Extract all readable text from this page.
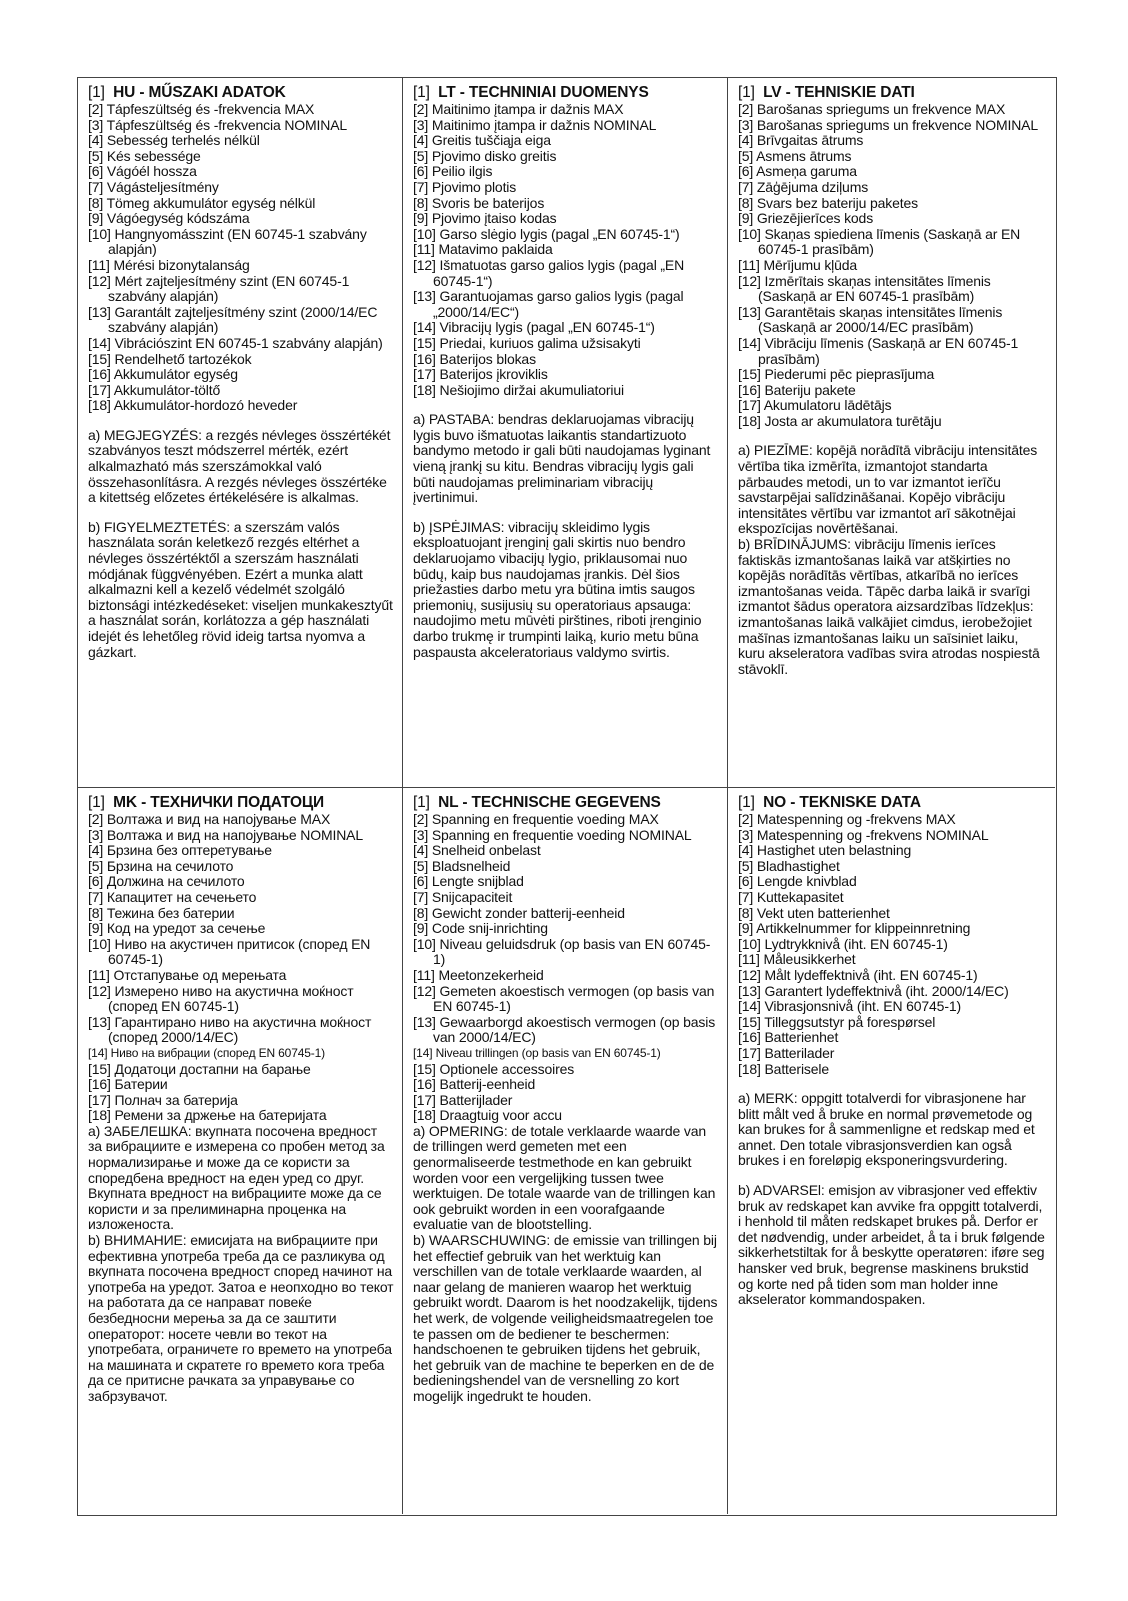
[1] HU - MŰSZAKI ADATOK
[2] Tápfeszültség és -frekvencia MAX
[3] Tápfeszültség és -frekvencia NOMINAL
[4] Sebesség terhelés nélkül
[5] Kés sebessége
[6] Vágóél hossza
[7] Vágásteljesítmény
[8] Tömeg akkumulátor egység nélkül
[9] Vágóegység kódszáma
[10] Hangnyomásszint (EN 60745-1 szabvány alapján)
[11] Mérési bizonytalanság
[12] Mért zajteljesítmény szint (EN 60745-1 szabvány alapján)
[13] Garantált zajteljesítmény szint (2000/14/EC szabvány alapján)
[14] Vibrációszint EN 60745-1 szabvány alapján)
[15] Rendelhető tartozékok
[16] Akkumulátor egység
[17] Akkumulátor-töltő
[18] Akkumulátor-hordozó heveder

a) MEGJEGYZÉS: a rezgés névleges összértékét szabványos teszt módszerrel mérték, ezért alkalmazható más szerszámokkal való összehasonlításra. A rezgés névleges összértéke a kitettség előzetes értékelésére is alkalmas.

b) FIGYELMEZTETÉS: a szerszám valós használata során keletkező rezgés eltérhet a névleges összértéktől a szerszám használati módjának függvényében. Ezért a munka alatt alkalmazni kell a kezelő védelmét szolgáló biztonsági intézkedéseket: viseljen munkakesztyűt a használat során, korlátozza a gép használati idejét és lehetőleg rövid ideig tartsa nyomva a gázkart.

[1] LT - TECHNINIAI DUOMENYS
[2] Maitinimo įtampa ir dažnis MAX
[3] Maitinimo įtampa ir dažnis NOMINAL
[4] Greitis tuščiąja eiga
[5] Pjovimo disko greitis
[6] Peilio ilgis
[7] Pjovimo plotis
[8] Svoris be baterijos
[9] Pjovimo įtaiso kodas
[10] Garso slėgio lygis (pagal „EN 60745-1“)
[11] Matavimo paklaida
[12] Išmatuotas garso galios lygis (pagal „EN 60745-1“)
[13] Garantuojamas garso galios lygis (pagal „2000/14/EC“)
[14] Vibracijų lygis (pagal „EN 60745-1“)
[15] Priedai, kuriuos galima užsisakyti
[16] Baterijos blokas
[17] Baterijos įkroviklis
[18] Nešiojimo diržai akumuliatoriui

a) PASTABA: bendras deklaruojamas vibracijų lygis buvo išmatuotas laikantis standartizuoto bandymo metodo ir gali būti naudojamas lyginant vieną įrankį su kitu. Bendras vibracijų lygis gali būti naudojamas preliminariam vibracijų įvertinimui.

b) ĮSPĖJIMAS: vibracijų skleidimo lygis eksploatuojant įrenginį gali skirtis nuo bendro deklaruojamo vibacijų lygio, priklausomai nuo būdų, kaip bus naudojamas įrankis. Dėl šios priežasties darbo metu yra būtina imtis saugos priemonių, susijusių su operatoriaus apsauga: naudojimo metu mūvėti pirštines, riboti įrenginio darbo trukmę ir trumpinti laiką, kurio metu būna paspausta akceleratoriaus valdymo svirtis.

[1] LV - TEHNISKIE DATI
[2] Barošanas spriegums un frekvence MAX
[3] Barošanas spriegums un frekvence NOMINAL
[4] Brīvgaitas ātrums
[5] Asmens ātrums
[6] Asmeņa garuma
[7] Zāģējuma dziļums
[8] Svars bez bateriju paketes
[9] Griezējierīces kods
[10] Skaņas spiediena līmenis (Saskaņā ar EN 60745-1 prasībām)
[11] Mērījumu kļūda
[12] Izmērītais skaņas intensitātes līmenis (Saskaņā ar EN 60745-1 prasībām)
[13] Garantētais skaņas intensitātes līmenis (Saskaņā ar 2000/14/EC prasībām)
[14] Vibrāciju līmenis (Saskaņā ar EN 60745-1 prasībām)
[15] Piederumi pēc pieprasījuma
[16] Bateriju pakete
[17] Akumulatoru lādētājs
[18] Josta ar akumulatora turētāju

a) PIEZĪME: kopējā norādītā vibrāciju intensitātes vērtība tika izmērīta, izmantojot standarta pārbaudes metodi, un to var izmantot ierīču savstarpējai salīdzināšanai. Kopējo vibrāciju intensitātes vērtību var izmantot arī sākotnējai ekspozīcijas novērtēšanai.

b) BRĪDINĀJUMS: vibrāciju līmenis ierīces faktiskās izmantošanas laikā var atšķirties no kopējās norādītās vērtības, atkarībā no ierīces izmantošanas veida. Tāpēc darba laikā ir svarīgi izmantot šādus operatora aizsardzības līdzekļus: izmantošanas laikā valkājiet cimdus, ierobežojiet mašīnas izmantošanas laiku un saīsiniet laiku, kuru akseleratora vadības svira atrodas nospiestā stāvoklī.

[1] MK - ТЕХНИЧКИ ПОДАТОЦИ
[2] Волтажа и вид на напојување MAX
[3] Волтажа и вид на напојување NOMINAL
[4] Брзина без оптеретување
[5] Брзина на сечилото
[6] Должина на сечилото
[7] Капацитет на сечењето
[8] Тежина без батерии
[9] Код на уредот за сечење
[10] Ниво на акустичен притисок (според EN 60745-1)
[11] Отстапување од мерењата
[12] Измерено ниво на акустична моќност (според EN 60745-1)
[13] Гарантирано ниво на акустична моќност (според 2000/14/EC)
[14] Ниво на вибрации (според EN 60745-1)
[15] Додатоци достапни на барање
[16] Батерии
[17] Полнач за батерија
[18] Ремени за држење на батеријата

а) ЗАБЕЛЕШКА: вкупната посочена вредност за вибрациите е измерена со пробен метод за нормализирање и може да се користи за споредбена вредност на еден уред со друг. Вкупната вредност на вибрациите може да се користи и за прелиминарна проценка на изложеноста.

b) ВНИМАНИЕ: емисијата на вибрациите при ефективна употреба треба да се разликува од вкупната посочена вредност според начинот на употреба на уредот. Затоа е неопходно во текот на работата да се направат повеќе безбедносни мерења за да се заштити операторот: носете чевли во текот на употребата, ограничете го времето на употреба на машината и скратете го времето кога треба да се притисне рачката за управување со забрзувачот.

[1] NL - TECHNISCHE GEGEVENS
[2] Spanning en frequentie voeding MAX
[3] Spanning en frequentie voeding NOMINAL
[4] Snelheid onbelast
[5] Bladsnelheid
[6] Lengte snijblad
[7] Snijcapaciteit
[8] Gewicht zonder batterij-eenheid
[9] Code snij-inrichting
[10] Niveau geluidsdruk (op basis van EN 60745-1)
[11] Meetonzekerheid
[12] Gemeten akoestisch vermogen (op basis van EN 60745-1)
[13] Gewaarborgd akoestisch vermogen (op basis van 2000/14/EC)
[14] Niveau trillingen (op basis van EN 60745-1)
[15] Optionele accessoires
[16] Batterij-eenheid
[17] Batterijlader
[18] Draagtuig voor accu

a) OPMERING: de totale verklaarde waarde van de trillingen werd gemeten met een genormaliseerde testmethode en kan gebruikt worden voor een vergelijking tussen twee werktuigen. De totale waarde van de trillingen kan ook gebruikt worden in een voorafgaande evaluatie van de blootstelling.

b) WAARSCHUWING: de emissie van trillingen bij het effectief gebruik van het werktuig kan verschillen van de totale verklaarde waarden, al naar gelang de manieren waarop het werktuig gebruikt wordt. Daarom is het noodzakelijk, tijdens het werk, de volgende veiligheidsmaatregelen toe te passen om de bediener te beschermen: handschoenen te gebruiken tijdens het gebruik, het gebruik van de machine te beperken en de de bedieningshendel van de versnelling zo kort mogelijk ingedrukt te houden.

[1] NO - TEKNISKE DATA
[2] Matespenning og -frekvens MAX
[3] Matespenning og -frekvens NOMINAL
[4] Hastighet uten belastning
[5] Bladhastighet
[6] Lengde knivblad
[7] Kuttekapasitet
[8] Vekt uten batterienhet
[9] Artikkelnummer for klippeinnretning
[10] Lydtrykknivå (iht. EN 60745-1)
[11] Måleusikkerhet
[12] Målt lydeffektnivå (iht. EN 60745-1)
[13] Garantert lydeffektnivå (iht. 2000/14/EC)
[14] Vibrasjonsnivå (iht. EN 60745-1)
[15] Tilleggsutstyr på forespørsel
[16] Batterienhet
[17] Batterilader
[18] Batterisele

a) MERK: oppgitt totalverdi for vibrasjonene har blitt målt ved å bruke en normal prøvemetode og kan brukes for å sammenligne et redskap med et annet. Den totale vibrasjonsverdien kan også brukes i en foreløpig eksponeringsvurdering.

b) ADVARSEl: emisjon av vibrasjoner ved effektiv bruk av redskapet kan avvike fra oppgitt totalverdi, i henhold til måten redskapet brukes på. Derfor er det nødvendig, under arbeidet, å ta i bruk følgende sikkerhetstiltak for å beskytte operatøren: iføre seg hansker ved bruk, begrense maskinens brukstid og korte ned på tiden som man holder inne akselerator kommandospaken.
